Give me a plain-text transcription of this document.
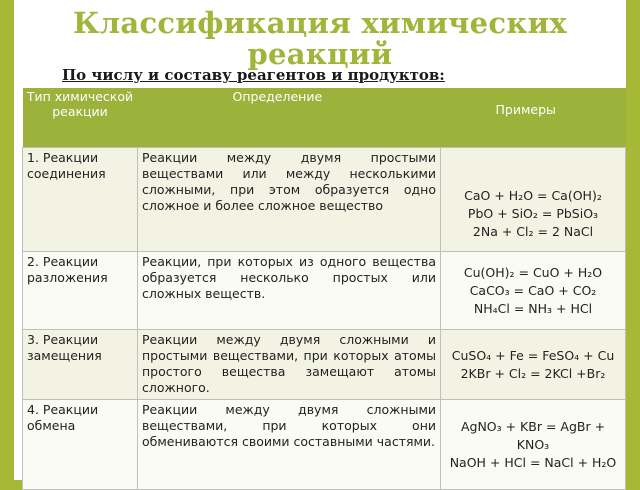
Классификация химических реакций
По числу и составу реагентов и продуктов:
Тип химической реакции	Определение	Примеры
1. Реакции соединения	Реакции между двумя простыми веществами или между несколькими сложными, при этом образуется одно сложное и более сложное вещество	CaO + H₂O = Ca(OH)₂
PbO + SiO₂ = PbSiO₃
2Na + Cl₂ = 2 NaCl

2. Реакции разложения	Реакции, при которых из одного вещества образуется несколько простых или сложных веществ.	Cu(OH)₂ = CuO + H₂O
CaCO₃ = CaO + CO₂
NH₄Cl = NH₃ + HCl

3. Реакции замещения	Реакции между двумя сложными и простыми веществами, при которых атомы простого вещества замещают атомы сложного.	CuSO₄ + Fe = FeSO₄ + Cu
2KBr + Cl₂ = 2KCl +Br₂

4. Реакции обмена	Реакции между двумя сложными веществами, при которых они обмениваются своими составными частями.	AgNO₃ + KBr = AgBr + KNO₃
NaOH + HCl = NaCl + H₂O
